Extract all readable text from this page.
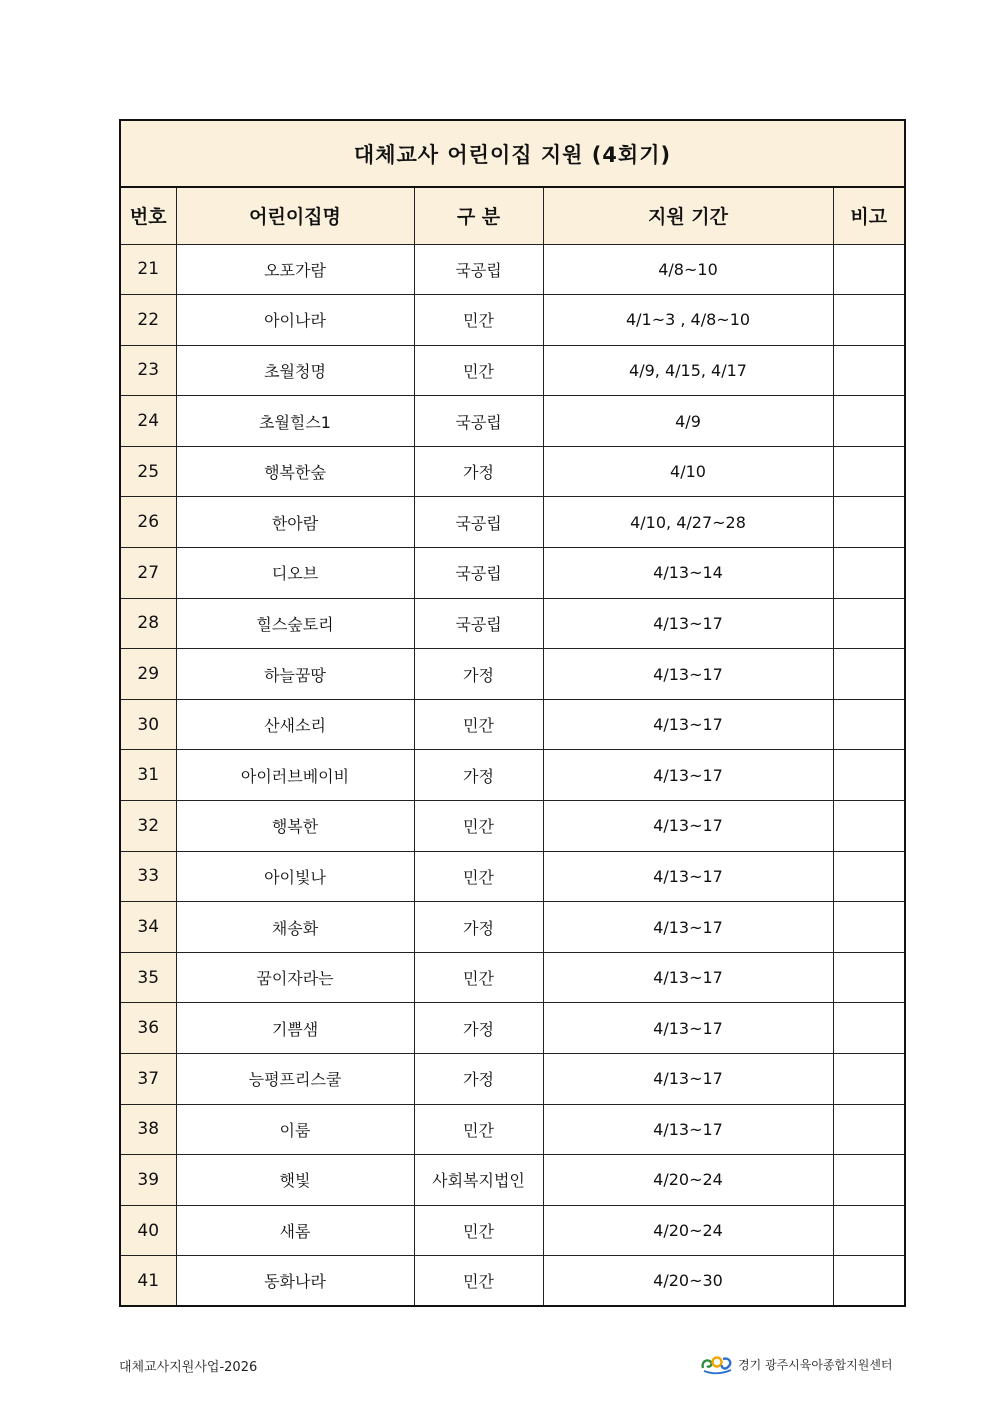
대체교사 어린이집 지원 (4회기)				
번호	어린이집명	구 분	지원 기간	비고
21	오포가람	국공립	4/8~10	
22	아이나라	민간	4/1~3 , 4/8~10	
23	초월청명	민간	4/9, 4/15, 4/17	
24	초월힐스1	국공립	4/9	
25	행복한숲	가정	4/10	
26	한아람	국공립	4/10, 4/27~28	
27	디오브	국공립	4/13~14	
28	힐스숲토리	국공립	4/13~17	
29	하늘꿈땅	가정	4/13~17	
30	산새소리	민간	4/13~17	
31	아이러브베이비	가정	4/13~17	
32	행복한	민간	4/13~17	
33	아이빛나	민간	4/13~17	
34	채송화	가정	4/13~17	
35	꿈이자라는	민간	4/13~17	
36	기쁨샘	가정	4/13~17	
37	능평프리스쿨	가정	4/13~17	
38	이룸	민간	4/13~17	
39	햇빛	사회복지법인	4/20~24	
40	새롬	민간	4/20~24	
41	동화나라	민간	4/20~30	
대체교사지원사업-2026	경기 광주시육아종합지원센터
